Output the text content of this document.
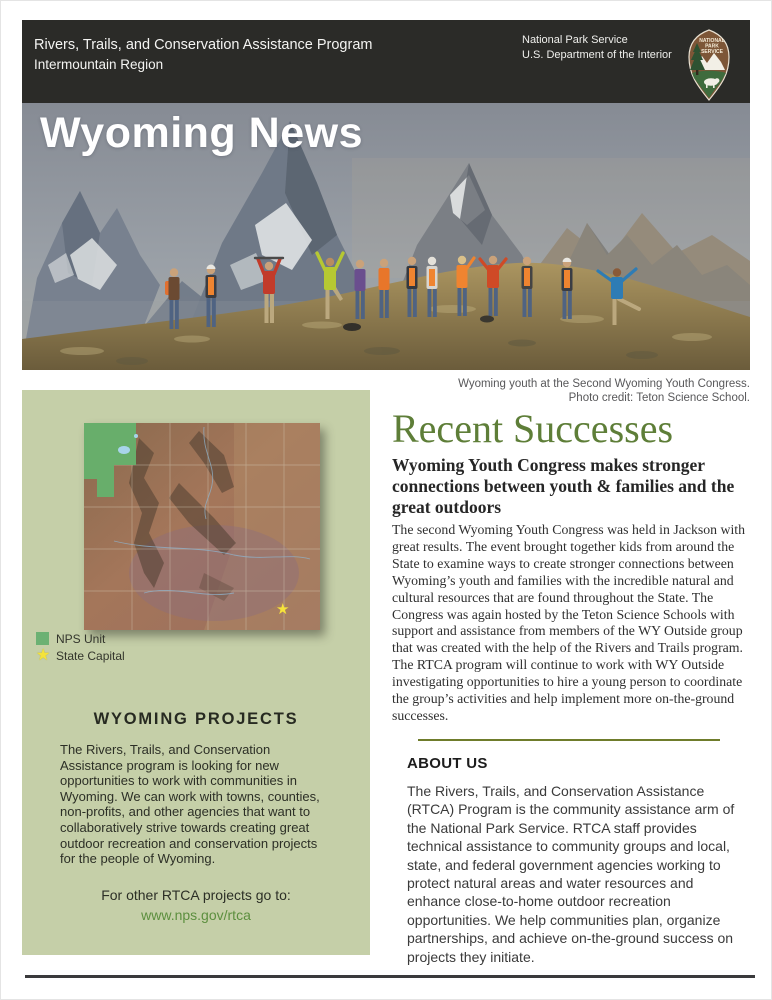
Rivers, Trails, and Conservation Assistance Program
Intermountain Region
National Park Service
U.S. Department of the Interior
NATIONAL
PARK
SERVICE
Wyoming News
Wyoming youth at the Second Wyoming Youth Congress.
Photo credit: Teton Science School.
★
NPS Unit
★ State Capital
WYOMING PROJECTS
The Rivers, Trails, and Conservation Assistance program is looking for new opportunities to work with communities in Wyoming. We can work with towns, counties, non-profits, and other agencies that want to collaboratively strive towards creating great outdoor recreation and conservation projects for the people of Wyoming.
For other RTCA projects go to:
www.nps.gov/rtca
Recent Successes
Wyoming Youth Congress makes stronger connections between youth & families and the great outdoors
The second Wyoming Youth Congress was held in Jackson with great results. The event brought together kids from around the State to examine ways to create stronger connections between Wyoming’s youth and families with the incredible natural and cultural resources that are found throughout the State. The Congress was again hosted by the Teton Science Schools with support and assistance from members of the WY Outside group that was created with the help of the Rivers and Trails program. The RTCA program will continue to work with WY Outside investigating opportunities to hire a young person to coordinate the group’s activities and help implement more on-the-ground successes.
ABOUT US
The Rivers, Trails, and Conservation Assistance (RTCA) Program is the community assistance arm of the National Park Service. RTCA staff provides technical assistance to community groups and local, state, and federal government agencies working to protect natural areas and water resources and enhance close-to-home outdoor recreation opportunities. We help communities plan, organize partnerships, and achieve on-the-ground success on projects they initiate.
